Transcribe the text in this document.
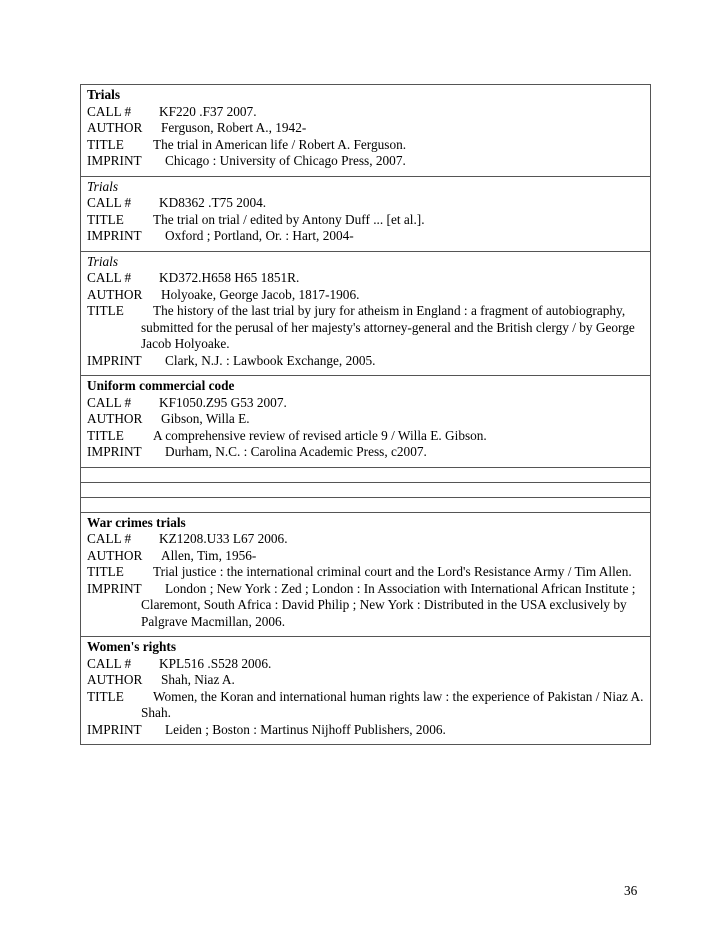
Trials
CALL # KF220 .F37 2007.
AUTHOR Ferguson, Robert A., 1942-
TITLE The trial in American life / Robert A. Ferguson.
IMPRINT Chicago : University of Chicago Press, 2007.

Trials
CALL # KD8362 .T75 2004.
TITLE The trial on trial / edited by Antony Duff ... [et al.].
IMPRINT Oxford ; Portland, Or. : Hart, 2004-

Trials
CALL # KD372.H658 H65 1851R.
AUTHOR Holyoake, George Jacob, 1817-1906.
TITLE The history of the last trial by jury for atheism in England : a fragment of autobiography, submitted for the perusal of her majesty's attorney-general and the British clergy / by George Jacob Holyoake.
IMPRINT Clark, N.J. : Lawbook Exchange, 2005.

Uniform commercial code
CALL # KF1050.Z95 G53 2007.
AUTHOR Gibson, Willa E.
TITLE A comprehensive review of revised article 9 / Willa E. Gibson.
IMPRINT Durham, N.C. : Carolina Academic Press, c2007.

War crimes trials
CALL # KZ1208.U33 L67 2006.
AUTHOR Allen, Tim, 1956-
TITLE Trial justice : the international criminal court and the Lord's Resistance Army / Tim Allen.
IMPRINT London ; New York : Zed ; London : In Association with International African Institute ; Claremont, South Africa : David Philip ; New York : Distributed in the USA exclusively by Palgrave Macmillan, 2006.

Women's rights
CALL # KPL516 .S528 2006.
AUTHOR Shah, Niaz A.
TITLE Women, the Koran and international human rights law : the experience of Pakistan / Niaz A. Shah.
IMPRINT Leiden ; Boston : Martinus Nijhoff Publishers, 2006.
36
